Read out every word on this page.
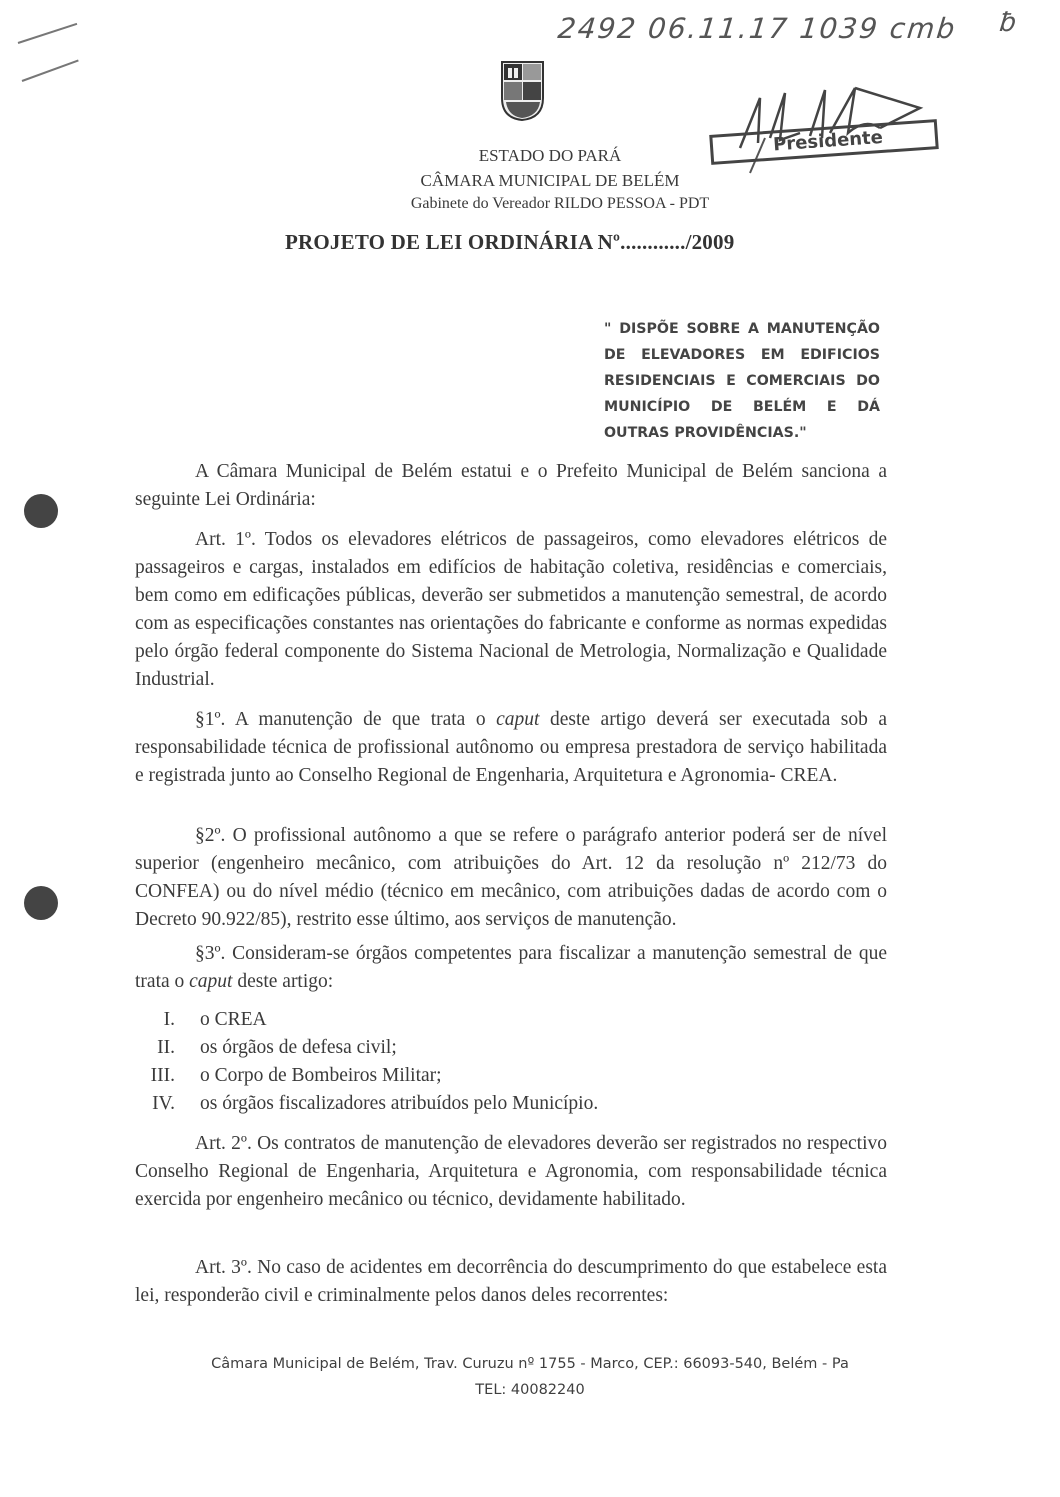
2492 06.11.17 1039 cmb ƀ
Presidente
ESTADO DO PARÁ
CÂMARA MUNICIPAL DE BELÉM
Gabinete do Vereador RILDO PESSOA - PDT
PROJETO DE LEI ORDINÁRIA Nº............/2009
" DISPÕE SOBRE A MANUTENÇÃO
DE ELEVADORES EM EDIFICIOS
RESIDENCIAIS E COMERCIAIS DO
MUNICÍPIO DE BELÉM E DÁ
OUTRAS PROVIDÊNCIAS."
A Câmara Municipal de Belém estatui e o Prefeito Municipal de Belém sanciona a seguinte Lei Ordinária:
Art. 1º. Todos os elevadores elétricos de passageiros, como elevadores elétricos de passageiros e cargas, instalados em edifícios de habitação coletiva, residências e comerciais, bem como em edificações públicas, deverão ser submetidos a manutenção semestral, de acordo com as especificações constantes nas orientações do fabricante e conforme as normas expedidas pelo órgão federal componente do Sistema Nacional de Metrologia, Normalização e Qualidade Industrial.
§1º. A manutenção de que trata o caput deste artigo deverá ser executada sob a responsabilidade técnica de profissional autônomo ou empresa prestadora de serviço habilitada e registrada junto ao Conselho Regional de Engenharia, Arquitetura e Agronomia- CREA.
§2º. O profissional autônomo a que se refere o parágrafo anterior poderá ser de nível superior (engenheiro mecânico, com atribuições do Art. 12 da resolução nº 212/73 do CONFEA) ou do nível médio (técnico em mecânico, com atribuições dadas de acordo com o Decreto 90.922/85), restrito esse último, aos serviços de manutenção.
§3º. Consideram-se órgãos competentes para fiscalizar a manutenção semestral de que trata o caput deste artigo:
I. o CREA
II. os órgãos de defesa civil;
III. o Corpo de Bombeiros Militar;
IV. os órgãos fiscalizadores atribuídos pelo Município.
Art. 2º. Os contratos de manutenção de elevadores deverão ser registrados no respectivo Conselho Regional de Engenharia, Arquitetura e Agronomia, com responsabilidade técnica exercida por engenheiro mecânico ou técnico, devidamente habilitado.
Art. 3º. No caso de acidentes em decorrência do descumprimento do que estabelece esta lei, responderão civil e criminalmente pelos danos deles recorrentes:
Câmara Municipal de Belém, Trav. Curuzu nº 1755 - Marco, CEP.: 66093-540, Belém - Pa
TEL: 40082240
